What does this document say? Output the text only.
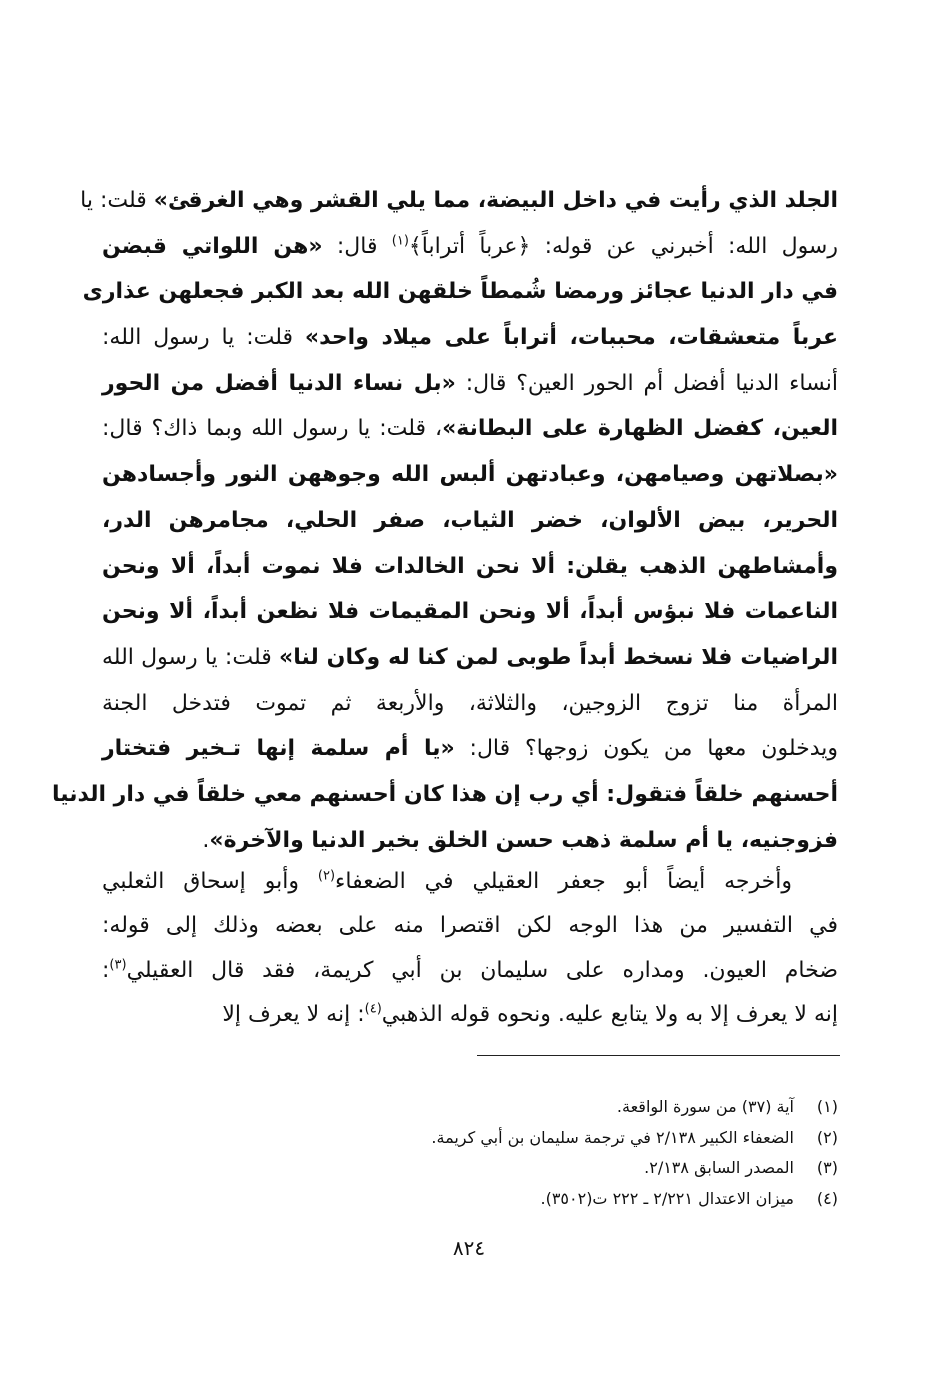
الجلد الذي رأيت في داخل البيضة، مما يلي القشر وهي الغرقئ» قلت: يا
رسول الله: أخبرني عن قوله: ﴿عرباً أتراباً﴾$^{(١)}$ قال: «هن اللواتي قبضن
في دار الدنيا عجائز ورمضا شُمطاً خلقهن الله بعد الكبر فجعلهن عذارى
عرباً متعشقات، محببات، أتراباً على ميلاد واحد» قلت: يا رسول الله:
أنساء الدنيا أفضل أم الحور العين؟ قال: «بل نساء الدنيا أفضل من الحور
العين، كفضل الظهارة على البطانة»، قلت: يا رسول الله وبما ذاك؟ قال:
«بصلاتهن وصيامهن، وعبادتهن ألبس الله وجوههن النور وأجسادهن
الحرير، بيض الألوان، خضر الثياب، صفر الحلي، مجامرهن الدر،
وأمشاطهن الذهب يقلن: ألا نحن الخالدات فلا نموت أبداً، ألا ونحن
الناعمات فلا نبؤس أبداً، ألا ونحن المقيمات فلا نظعن أبداً، ألا ونحن
الراضيات فلا نسخط أبداً طوبى لمن كنا له وكان لنا» قلت: يا رسول الله
المرأة منا تزوج الزوجين، والثلاثة، والأربعة ثم تموت فتدخل الجنة
ويدخلون معها من يكون زوجها؟ قال: «يا أم سلمة إنها تـخير فتختار
أحسنهم خلقاً فتقول: أي رب إن هذا كان أحسنهم معي خلقاً في دار الدنيا
فزوجنيه، يا أم سلمة ذهب حسن الخلق بخير الدنيا والآخرة».
وأخرجه أيضاً أبو جعفر العقيلي في الضعفاء$^{(٢)}$ وأبو إسحاق الثعلبي
في التفسير من هذا الوجه لكن اقتصرا منه على بعضه وذلك إلى قوله:
ضخام العيون. ومداره على سليمان بن أبي كريمة، فقد قال العقيلي$^{(٣)}$:
إنه لا يعرف إلا به ولا يتابع عليه. ونحوه قوله الذهبي$^{(٤)}$: إنه لا يعرف إلا
(١)آية (٣٧) من سورة الواقعة.
(٢)الضعفاء الكبير ٢/١٣٨ في ترجمة سليمان بن أبي كريمة.
(٣)المصدر السابق ٢/١٣٨.
(٤)ميزان الاعتدال ٢/٢٢١ ـ ٢٢٢ ت(٣٥٠٢).
٨٢٤
